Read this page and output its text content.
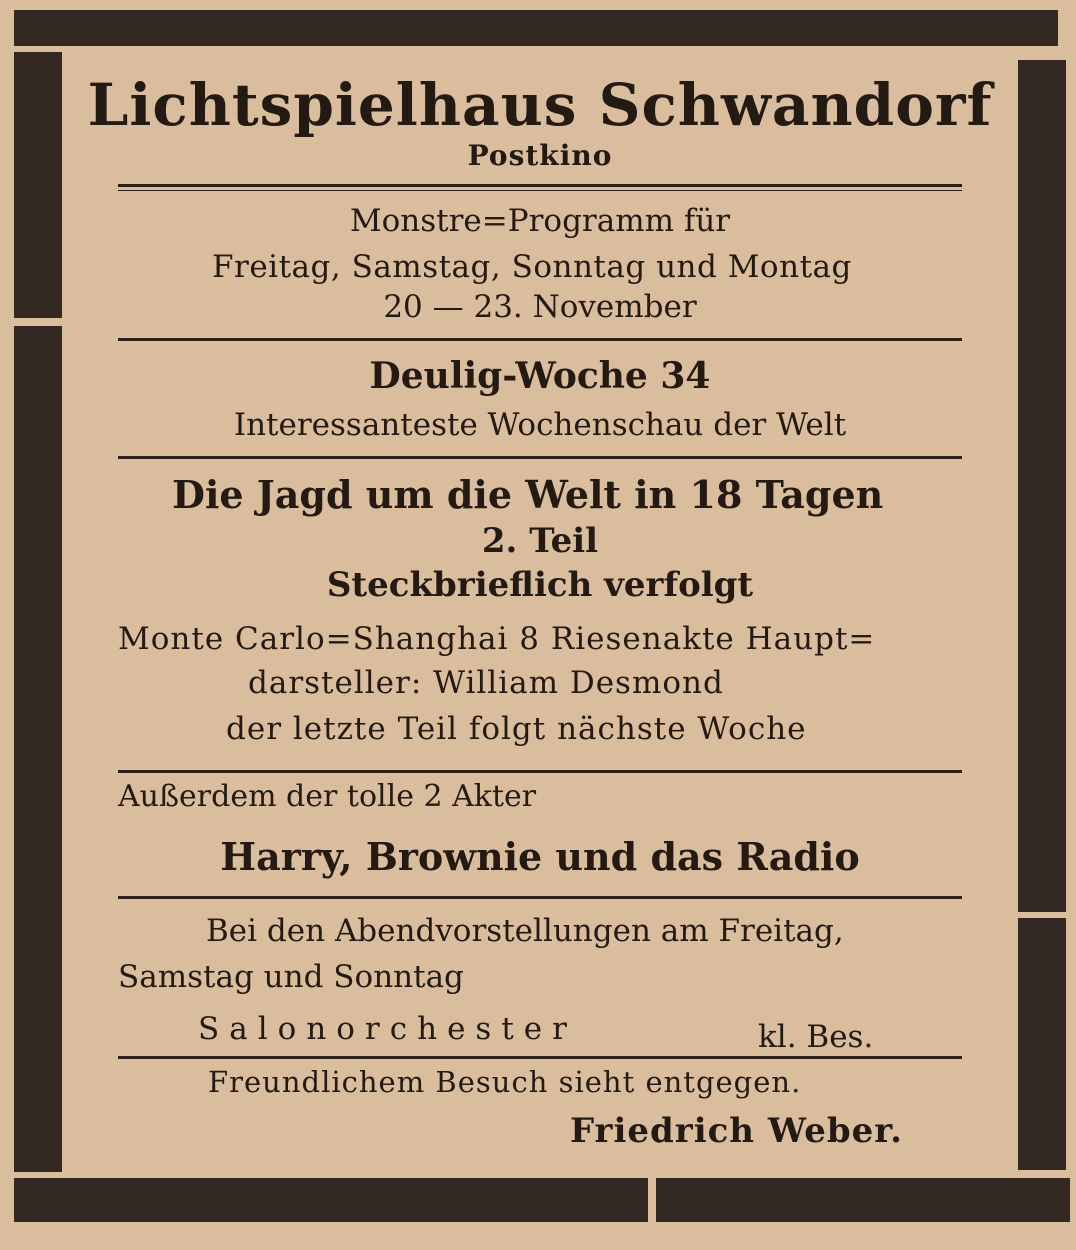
Lichtspielhaus Schwandorf

Postkino

Monstre=Programm für

Freitag, Samstag, Sonntag und Montag

20 — 23. November

Deulig-Woche 34

Interessanteste Wochenschau der Welt

Die Jagd um die Welt in 18 Tagen

2. Teil

Steckbrieflich verfolgt

Monte Carlo=Shanghai 8 Riesenakte Haupt=

darsteller: William Desmond

der letzte Teil folgt nächste Woche

Außerdem der tolle 2 Akter

Harry, Brownie und das Radio

Bei den Abendvorstellungen am Freitag,

Samstag und Sonntag

Salonorchester	kl. Bes.

Freundlichem Besuch sieht entgegen.

Friedrich Weber.
